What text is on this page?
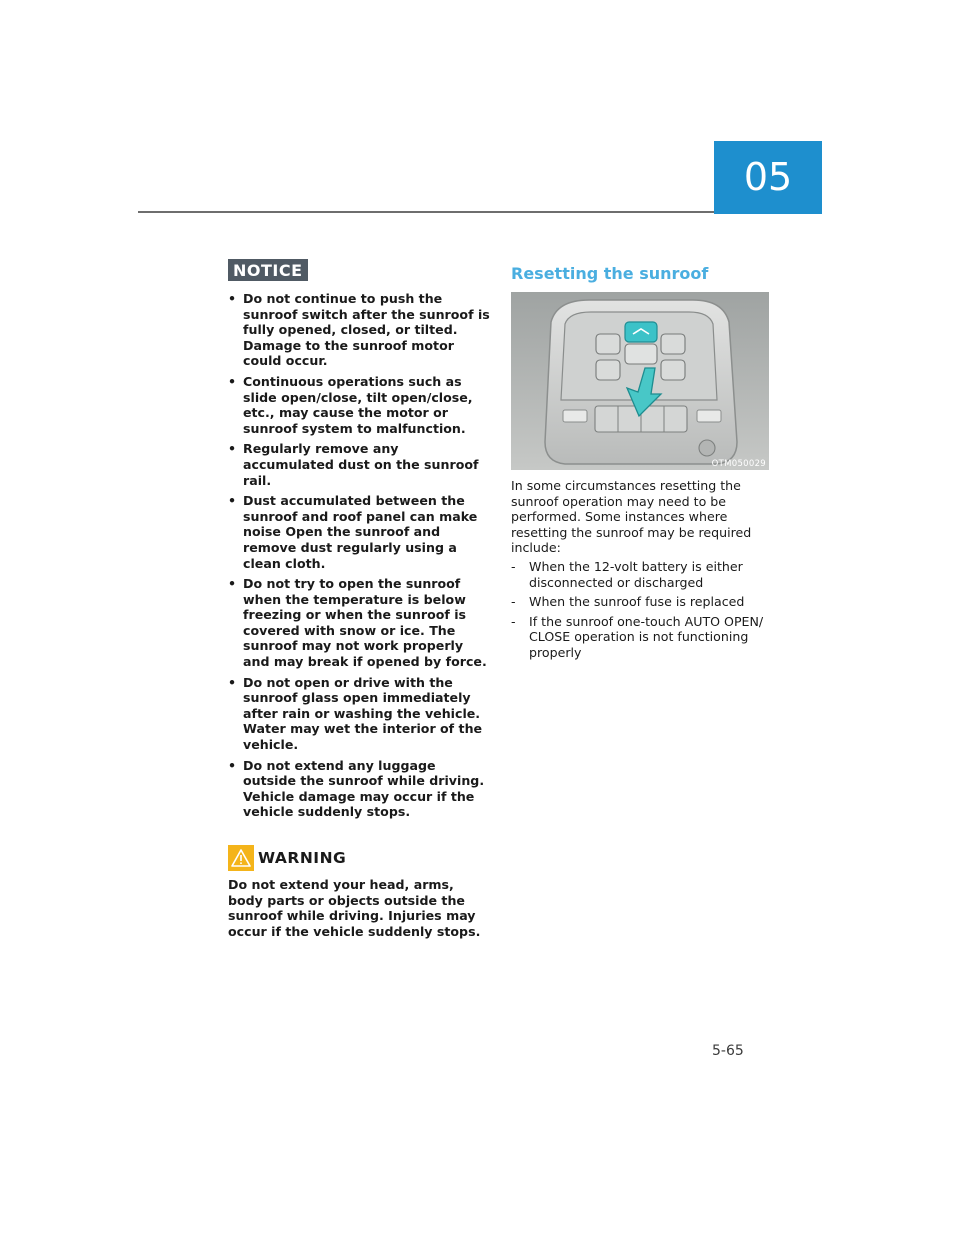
05
NOTICE
• Do not continue to push the sunroof switch after the sunroof is fully opened, closed, or tilted. Damage to the sunroof motor could occur.
• Continuous operations such as slide open/close, tilt open/close, etc., may cause the motor or sunroof system to malfunction.
• Regularly remove any accumulated dust on the sunroof rail.
• Dust accumulated between the sunroof and roof panel can make noise Open the sunroof and remove dust regularly using a clean cloth.
• Do not try to open the sunroof when the temperature is below freezing or when the sunroof is covered with snow or ice. The sunroof may not work properly and may break if opened by force.
• Do not open or drive with the sunroof glass open immediately after rain or washing the vehicle. Water may wet the interior of the vehicle.
• Do not extend any luggage outside the sunroof while driving. Vehicle damage may occur if the vehicle suddenly stops.
WARNING
Do not extend your head, arms, body parts or objects outside the sunroof while driving. Injuries may occur if the vehicle suddenly stops.
Resetting the sunroof
OTM050029
In some circumstances resetting the sunroof operation may need to be performed. Some instances where resetting the sunroof may be required include:
- When the 12-volt battery is either disconnected or discharged
- When the sunroof fuse is replaced
- If the sunroof one-touch AUTO OPEN/ CLOSE operation is not functioning properly
5-65
